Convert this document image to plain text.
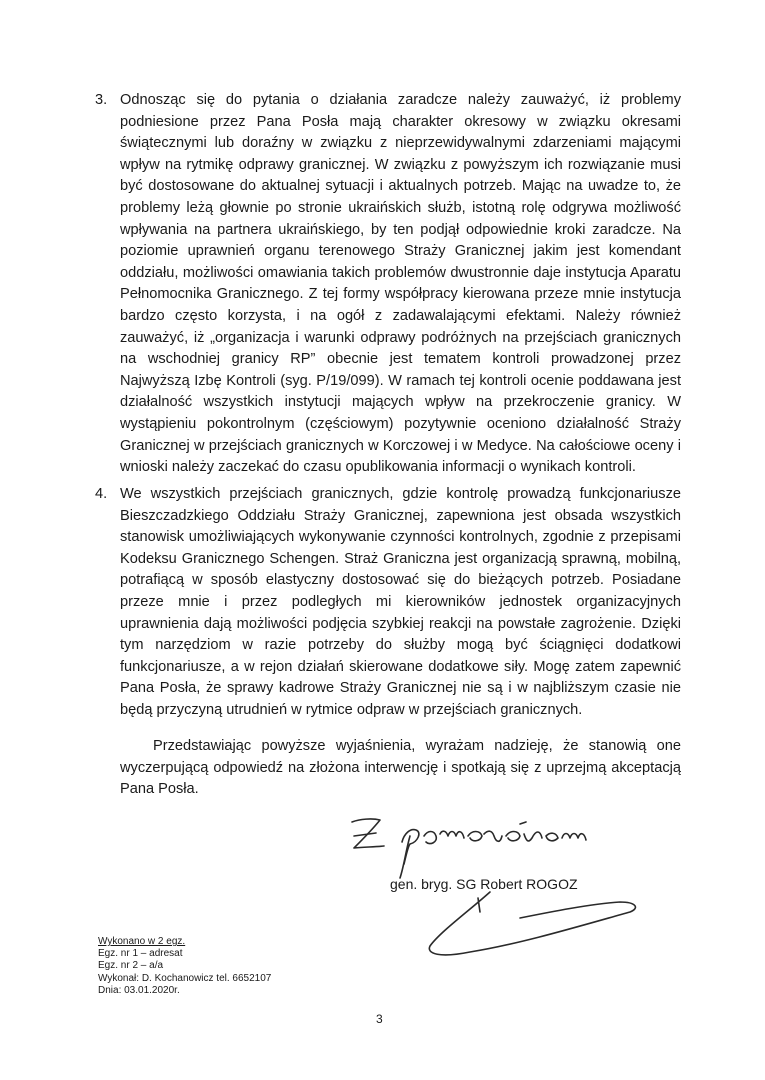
3. Odnosząc się do pytania o działania zaradcze należy zauważyć, iż problemy podniesione przez Pana Posła mają charakter okresowy w związku okresami świątecznymi lub doraźny w związku z nieprzewidywalnymi zdarzeniami mającymi wpływ na rytmikę odprawy granicznej. W związku z powyższym ich rozwiązanie musi być dostosowane do aktualnej sytuacji i aktualnych potrzeb. Mając na uwadze to, że problemy leżą głownie po stronie ukraińskich służb, istotną rolę odgrywa możliwość wpływania na partnera ukraińskiego, by ten podjął odpowiednie kroki zaradcze. Na poziomie uprawnień organu terenowego Straży Granicznej jakim jest komendant oddziału, możliwości omawiania takich problemów dwustronnie daje instytucja Aparatu Pełnomocnika Granicznego. Z tej formy współpracy kierowana przeze mnie instytucja bardzo często korzysta, i na ogół z zadawalającymi efektami. Należy również zauważyć, iż „organizacja i warunki odprawy podróżnych na przejściach granicznych na wschodniej granicy RP” obecnie jest tematem kontroli prowadzonej przez Najwyższą Izbę Kontroli (syg. P/19/099). W ramach tej kontroli ocenie poddawana jest działalność wszystkich instytucji mających wpływ na przekroczenie granicy. W wystąpieniu pokontrolnym (częściowym) pozytywnie oceniono działalność Straży Granicznej w przejściach granicznych w Korczowej i w Medyce. Na całościowe oceny i wnioski należy zaczekać do czasu opublikowania informacji o wynikach kontroli.
4. We wszystkich przejściach granicznych, gdzie kontrolę prowadzą funkcjonariusze Bieszczadzkiego Oddziału Straży Granicznej, zapewniona jest obsada wszystkich stanowisk umożliwiających wykonywanie czynności kontrolnych, zgodnie z przepisami Kodeksu Granicznego Schengen. Straż Graniczna jest organizacją sprawną, mobilną, potrafiącą w sposób elastyczny dostosować się do bieżących potrzeb. Posiadane przeze mnie i przez podległych mi kierowników jednostek organizacyjnych uprawnienia dają możliwości podjęcia szybkiej reakcji na powstałe zagrożenie. Dzięki tym narzędziom w razie potrzeby do służby mogą być ściągnięci dodatkowi funkcjonariusze, a w rejon działań skierowane dodatkowe siły. Mogę zatem zapewnić Pana Posła, że sprawy kadrowe Straży Granicznej nie są i w najbliższym czasie nie będą przyczyną utrudnień w rytmice odpraw w przejściach granicznych.
Przedstawiając powyższe wyjaśnienia, wyrażam nadzieję, że stanowią one wyczerpującą odpowiedź na złożona interwencję i spotkają się z uprzejmą akceptacją Pana Posła.
gen. bryg. SG Robert ROGOZ
Wykonano w 2 egz.
Egz. nr 1 – adresat
Egz. nr 2 – a/a
Wykonał: D. Kochanowicz tel. 6652107
Dnia: 03.01.2020r.
3
